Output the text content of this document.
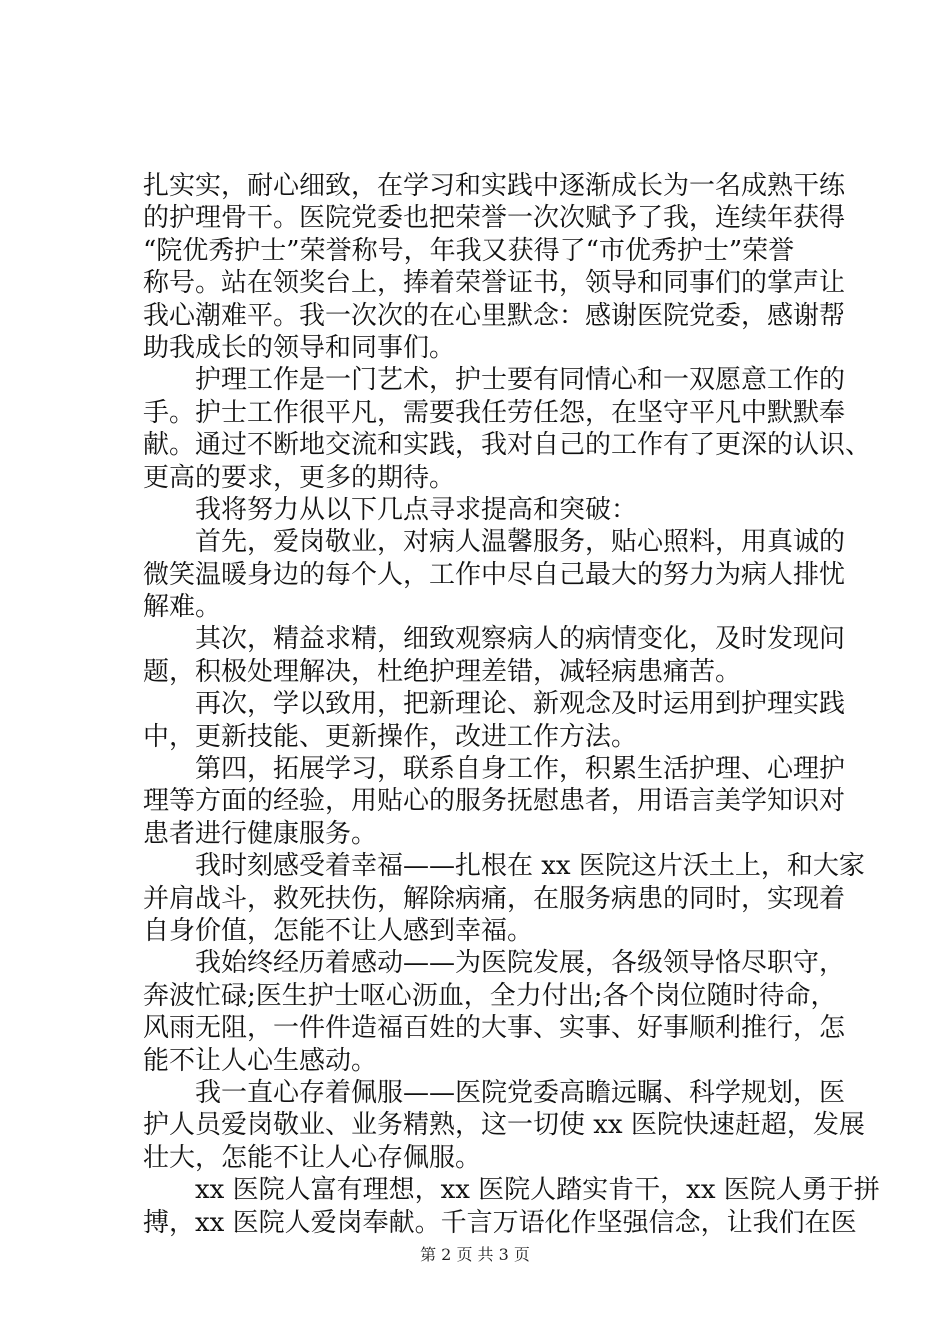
扎实实，耐心细致，在学习和实践中逐渐成长为一名成熟干练
的护理骨干。医院党委也把荣誉一次次赋予了我，连续年获得
“院优秀护士”荣誉称号，年我又获得了“市优秀护士”荣誉
称号。站在领奖台上，捧着荣誉证书，领导和同事们的掌声让
我心潮难平。我一次次的在心里默念：感谢医院党委，感谢帮
助我成长的领导和同事们。
　　护理工作是一门艺术，护士要有同情心和一双愿意工作的
手。护士工作很平凡，需要我任劳任怨，在坚守平凡中默默奉
献。通过不断地交流和实践，我对自己的工作有了更深的认识、
更高的要求，更多的期待。
　　我将努力从以下几点寻求提高和突破：
　　首先，爱岗敬业，对病人温馨服务，贴心照料，用真诚的
微笑温暖身边的每个人，工作中尽自己最大的努力为病人排忧
解难。
　　其次，精益求精，细致观察病人的病情变化，及时发现问
题，积极处理解决，杜绝护理差错，减轻病患痛苦。
　　再次，学以致用，把新理论、新观念及时运用到护理实践
中，更新技能、更新操作，改进工作方法。
　　第四，拓展学习，联系自身工作，积累生活护理、心理护
理等方面的经验，用贴心的服务抚慰患者，用语言美学知识对
患者进行健康服务。
　　我时刻感受着幸福——扎根在 xx 医院这片沃土上，和大家
并肩战斗，救死扶伤，解除病痛，在服务病患的同时，实现着
自身价值，怎能不让人感到幸福。
　　我始终经历着感动——为医院发展，各级领导恪尽职守，
奔波忙碌;医生护士呕心沥血，全力付出;各个岗位随时待命，
风雨无阻，一件件造福百姓的大事、实事、好事顺利推行，怎
能不让人心生感动。
　　我一直心存着佩服——医院党委高瞻远瞩、科学规划，医
护人员爱岗敬业、业务精熟，这一切使 xx 医院快速赶超，发展
壮大，怎能不让人心存佩服。
　　xx 医院人富有理想，xx 医院人踏实肯干，xx 医院人勇于拼
搏，xx 医院人爱岗奉献。千言万语化作坚强信念，让我们在医
第 2 页 共 3 页
